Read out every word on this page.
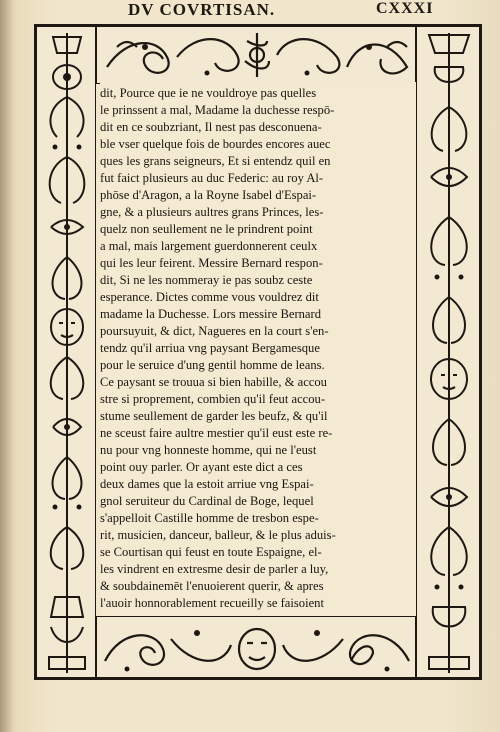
DV COVRTISAN.	CXXXI
dit, Pource que ie ne vouldroye pas quelles
le prinssent a mal, Madame la duchesse respō-
dit en ce soubzriant, Il nest pas desconuena-
ble vser quelque fois de bourdes encores auec
ques les grans seigneurs, Et si entendz quil en
fut faict plusieurs au duc Federic: au roy Al-
phōse d'Aragon, a la Royne Isabel d'Espai-
gne, & a plusieurs aultres grans Princes, les-
quelz non seullement ne le prindrent point
a mal, mais largement guerdonnerent ceulx
qui les leur feirent. Messire Bernard respon-
dit, Si ne les nommeray ie pas soubz ceste
esperance. Dictes comme vous vouldrez dit
madame la Duchesse. Lors messire Bernard
poursuyuit, & dict, Nagueres en la court s'en-
tendz qu'il arriua vng paysant Bergamesque
pour le seruice d'ung gentil homme de leans.
Ce paysant se trouua si bien habille, & accou
stre si proprement, combien qu'il feut accou-
stume seullement de garder les beufz, & qu'il
ne sceust faire aultre mestier qu'il eust este re-
nu pour vng honneste homme, qui ne l'eust
point ouy parler. Or ayant este dict a ces
deux dames que la estoit arriue vng Espai-
gnol seruiteur du Cardinal de Boge, lequel
s'appelloit Castille homme de tresbon espe-
rit, musicien, danceur, balleur, & le plus aduis-
se Courtisan qui feust en toute Espaigne, el-
les vindrent en extresme desir de parler a luy,
& soubdainemēt l'enuoierent querir, & apres
l'auoir honnorablement recueilly se faisoient
